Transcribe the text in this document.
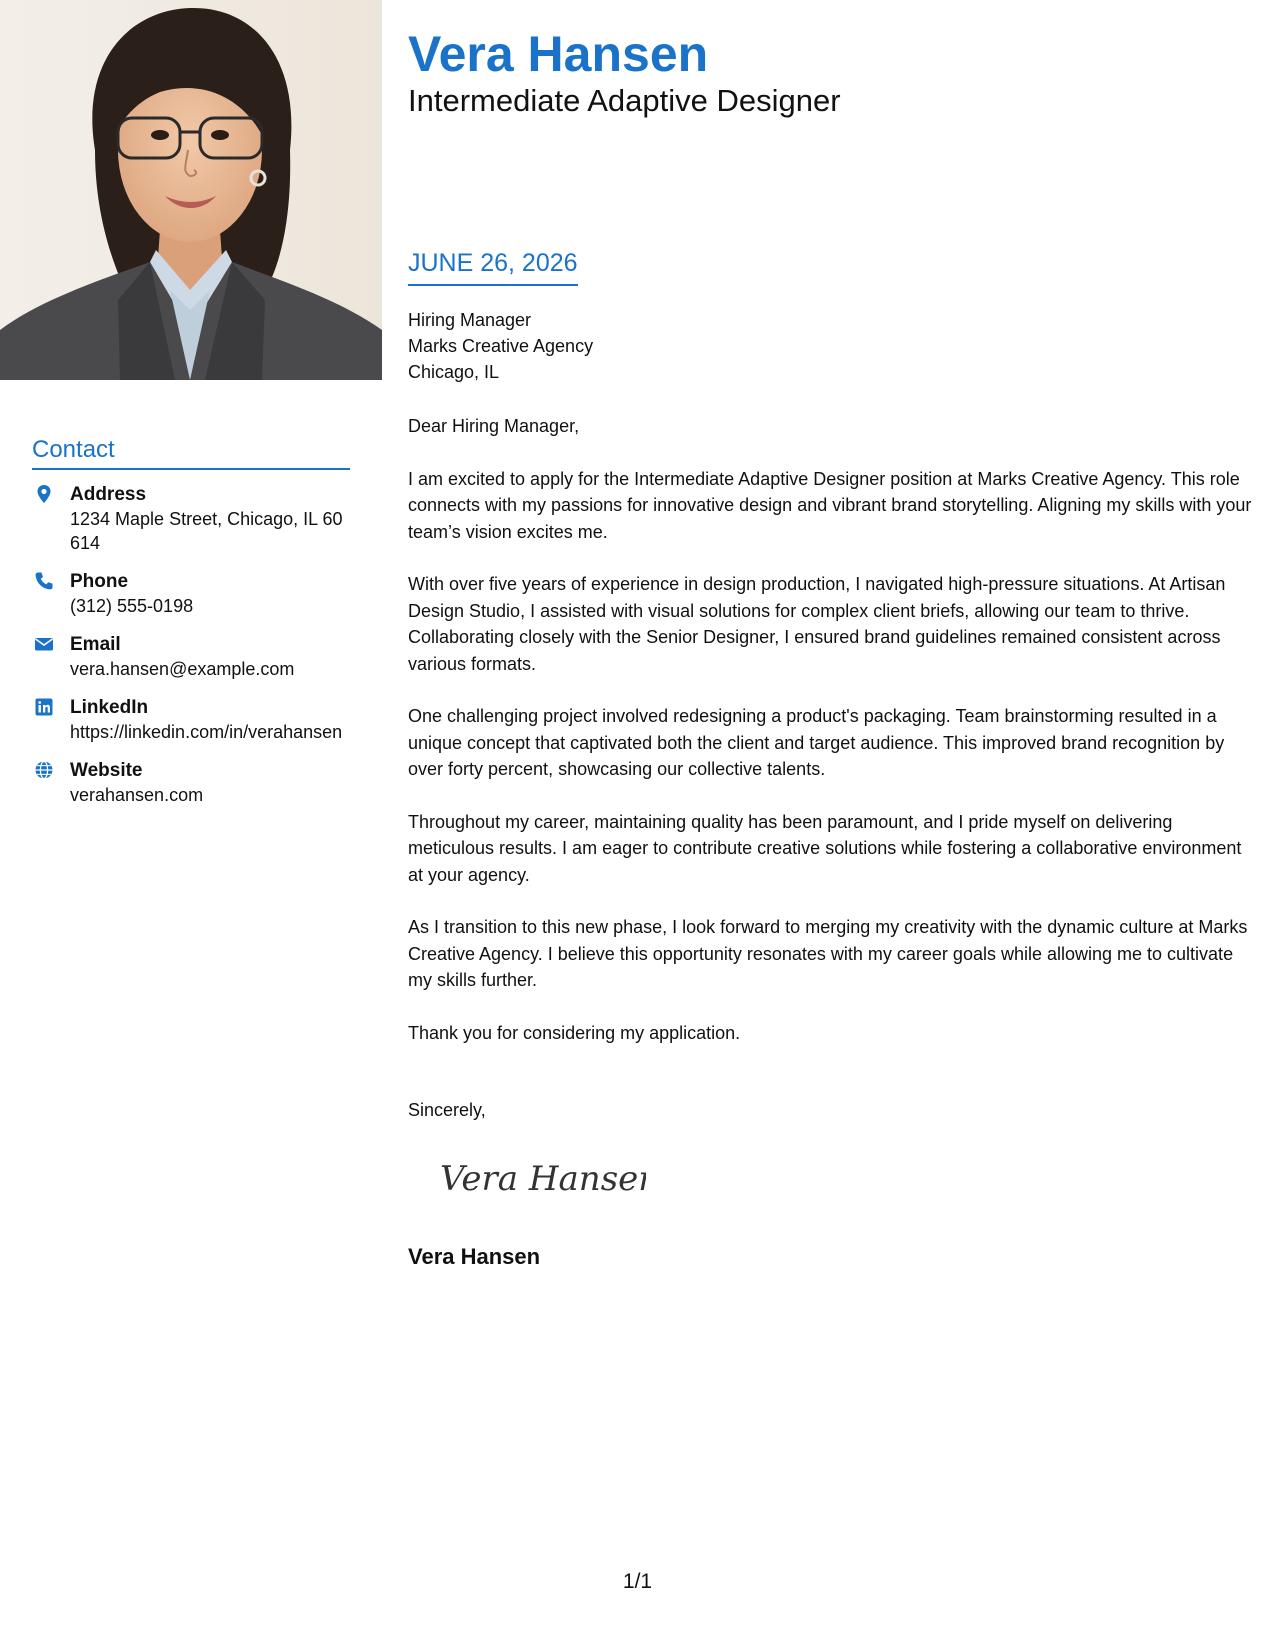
Contact
Address
1234 Maple Street, Chicago, IL 60614
Phone
(312) 555-0198
Email
vera.hansen@example.com
LinkedIn
https://linkedin.com/in/verahansen
Website
verahansen.com
Vera Hansen
Intermediate Adaptive Designer
JUNE 26, 2026
Hiring Manager
Marks Creative Agency
Chicago, IL

Dear Hiring Manager,

I am excited to apply for the Intermediate Adaptive Designer position at Marks Creative Agency. This role connects with my passions for innovative design and vibrant brand storytelling. Aligning my skills with your team’s vision excites me.

With over five years of experience in design production, I navigated high-pressure situations. At Artisan Design Studio, I assisted with visual solutions for complex client briefs, allowing our team to thrive. Collaborating closely with the Senior Designer, I ensured brand guidelines remained consistent across various formats.

One challenging project involved redesigning a product's packaging. Team brainstorming resulted in a unique concept that captivated both the client and target audience. This improved brand recognition by over forty percent, showcasing our collective talents.

Throughout my career, maintaining quality has been paramount, and I pride myself on delivering meticulous results. I am eager to contribute creative solutions while fostering a collaborative environment at your agency.

As I transition to this new phase, I look forward to merging my creativity with the dynamic culture at Marks Creative Agency. I believe this opportunity resonates with my career goals while allowing me to cultivate my skills further.

Thank you for considering my application.

Sincerely,
Vera Hansen
Vera Hansen
1/1
